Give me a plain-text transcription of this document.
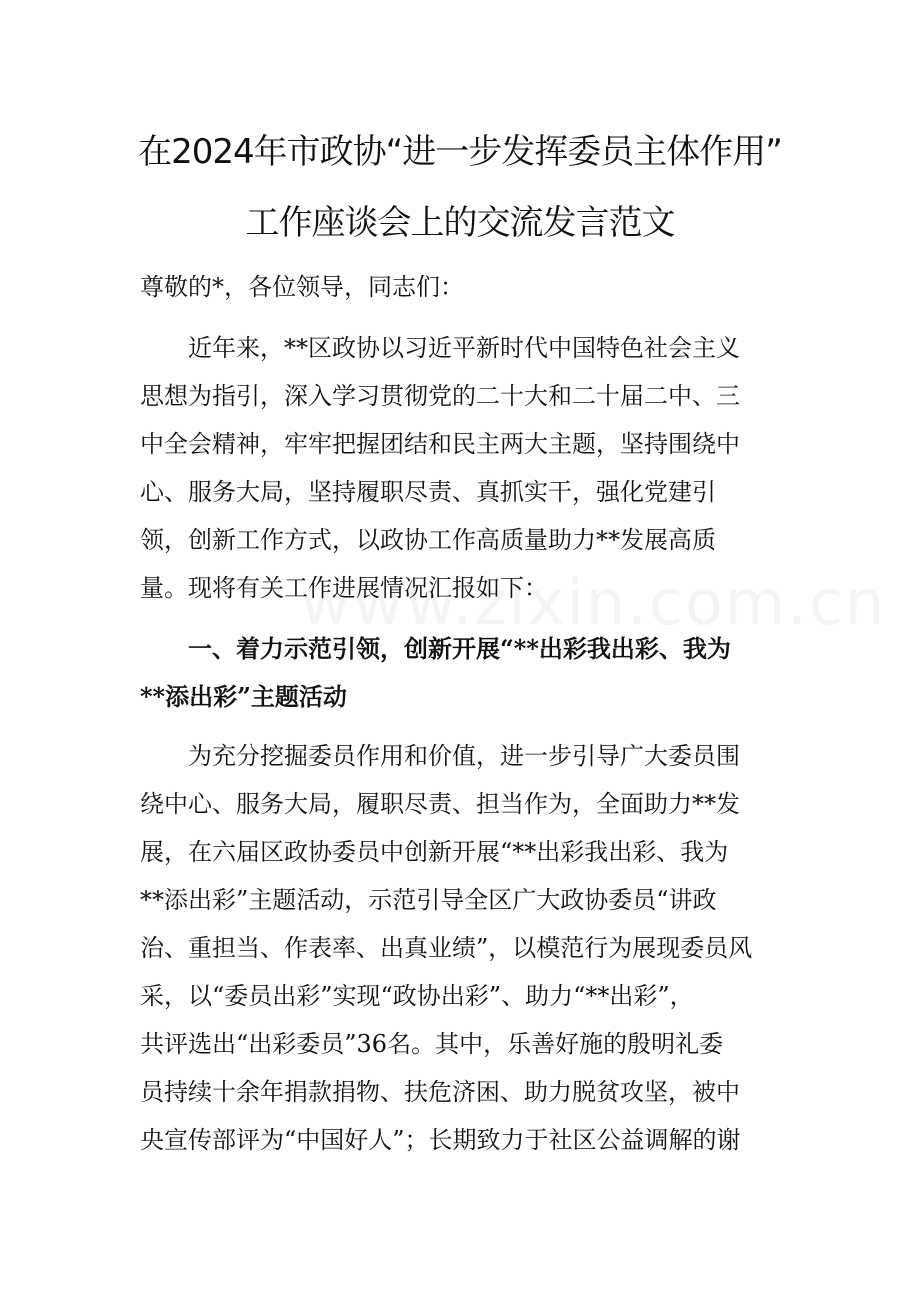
在2024年市政协“进一步发挥委员主体作用”
工作座谈会上的交流发言范文
尊敬的*，各位领导，同志们：
近年来，**区政协以习近平新时代中国特色社会主义
思想为指引，深入学习贯彻党的二十大和二十届二中、三
中全会精神，牢牢把握团结和民主两大主题，坚持围绕中
心、服务大局，坚持履职尽责、真抓实干，强化党建引
领，创新工作方式，以政协工作高质量助力**发展高质
量。现将有关工作进展情况汇报如下：
一、着力示范引领，创新开展“**出彩我出彩、我为
**添出彩”主题活动
为充分挖掘委员作用和价值，进一步引导广大委员围
绕中心、服务大局，履职尽责、担当作为，全面助力**发
展，在六届区政协委员中创新开展“**出彩我出彩、我为
**添出彩”主题活动，示范引导全区广大政协委员“讲政
治、重担当、作表率、出真业绩”，以模范行为展现委员风
采，以“委员出彩”实现“政协出彩”、助力“**出彩”，
共评选出“出彩委员”36名。其中，乐善好施的殷明礼委
员持续十余年捐款捐物、扶危济困、助力脱贫攻坚，被中
央宣传部评为“中国好人”；长期致力于社区公益调解的谢
